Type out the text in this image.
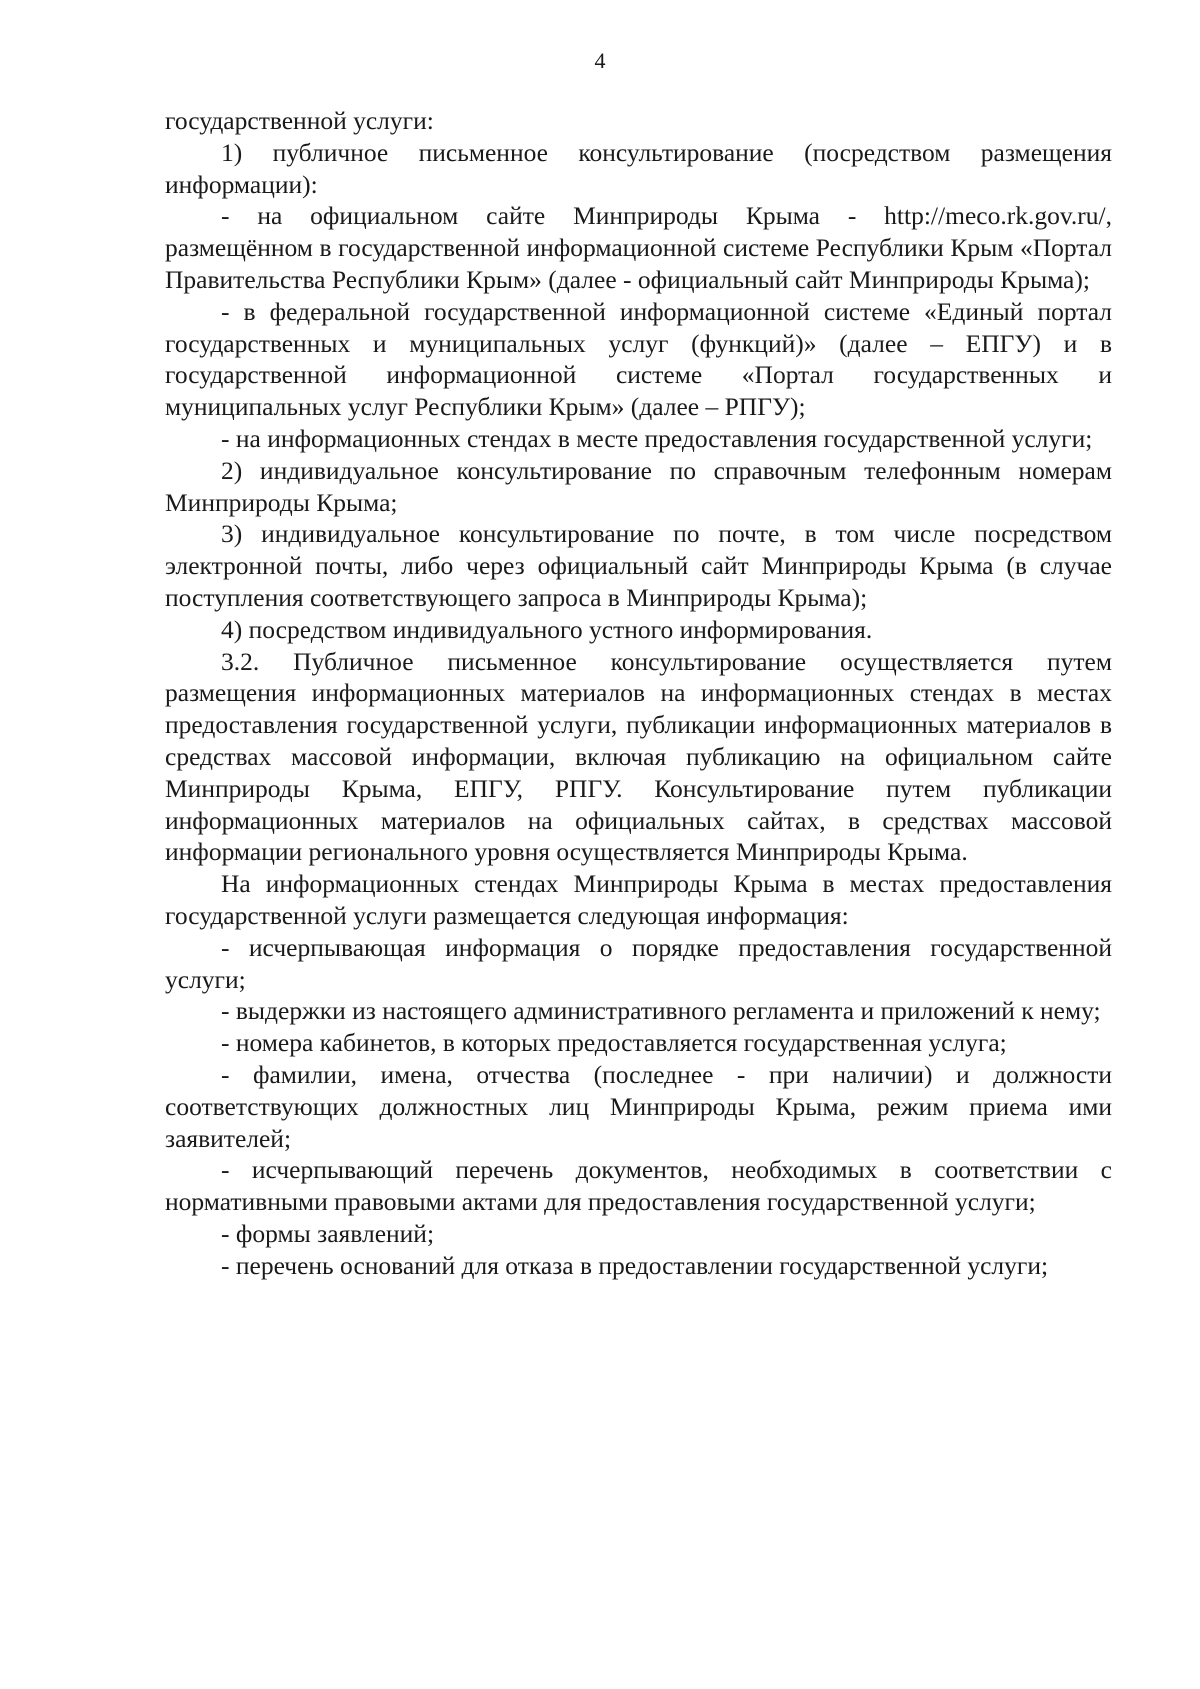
4

государственной услуги:

1) публичное письменное консультирование (посредством размещения информации):

- на официальном сайте Минприроды Крыма - http://meco.rk.gov.ru/, размещённом в государственной информационной системе Республики Крым «Портал Правительства Республики Крым» (далее - официальный сайт Минприроды Крыма);

- в федеральной государственной информационной системе «Единый портал государственных и муниципальных услуг (функций)» (далее – ЕПГУ) и в государственной информационной системе «Портал государственных и муниципальных услуг Республики Крым» (далее – РПГУ);

- на информационных стендах в месте предоставления государственной услуги;

2) индивидуальное консультирование по справочным телефонным номерам Минприроды Крыма;

3) индивидуальное консультирование по почте, в том числе посредством электронной почты, либо через официальный сайт Минприроды Крыма (в случае поступления соответствующего запроса в Минприроды Крыма);

4) посредством индивидуального устного информирования.

3.2. Публичное письменное консультирование осуществляется путем размещения информационных материалов на информационных стендах в местах предоставления государственной услуги, публикации информационных материалов в средствах массовой информации, включая публикацию на официальном сайте Минприроды Крыма, ЕПГУ, РПГУ. Консультирование путем публикации информационных материалов на официальных сайтах, в средствах массовой информации регионального уровня осуществляется Минприроды Крыма.

На информационных стендах Минприроды Крыма в местах предоставления государственной услуги размещается следующая информация:

- исчерпывающая информация о порядке предоставления государственной услуги;

- выдержки из настоящего административного регламента и приложений к нему;

- номера кабинетов, в которых предоставляется государственная услуга;

- фамилии, имена, отчества (последнее - при наличии) и должности соответствующих должностных лиц Минприроды Крыма, режим приема ими заявителей;

- исчерпывающий перечень документов, необходимых в соответствии с нормативными правовыми актами для предоставления государственной услуги;

- формы заявлений;

- перечень оснований для отказа в предоставлении государственной услуги;
